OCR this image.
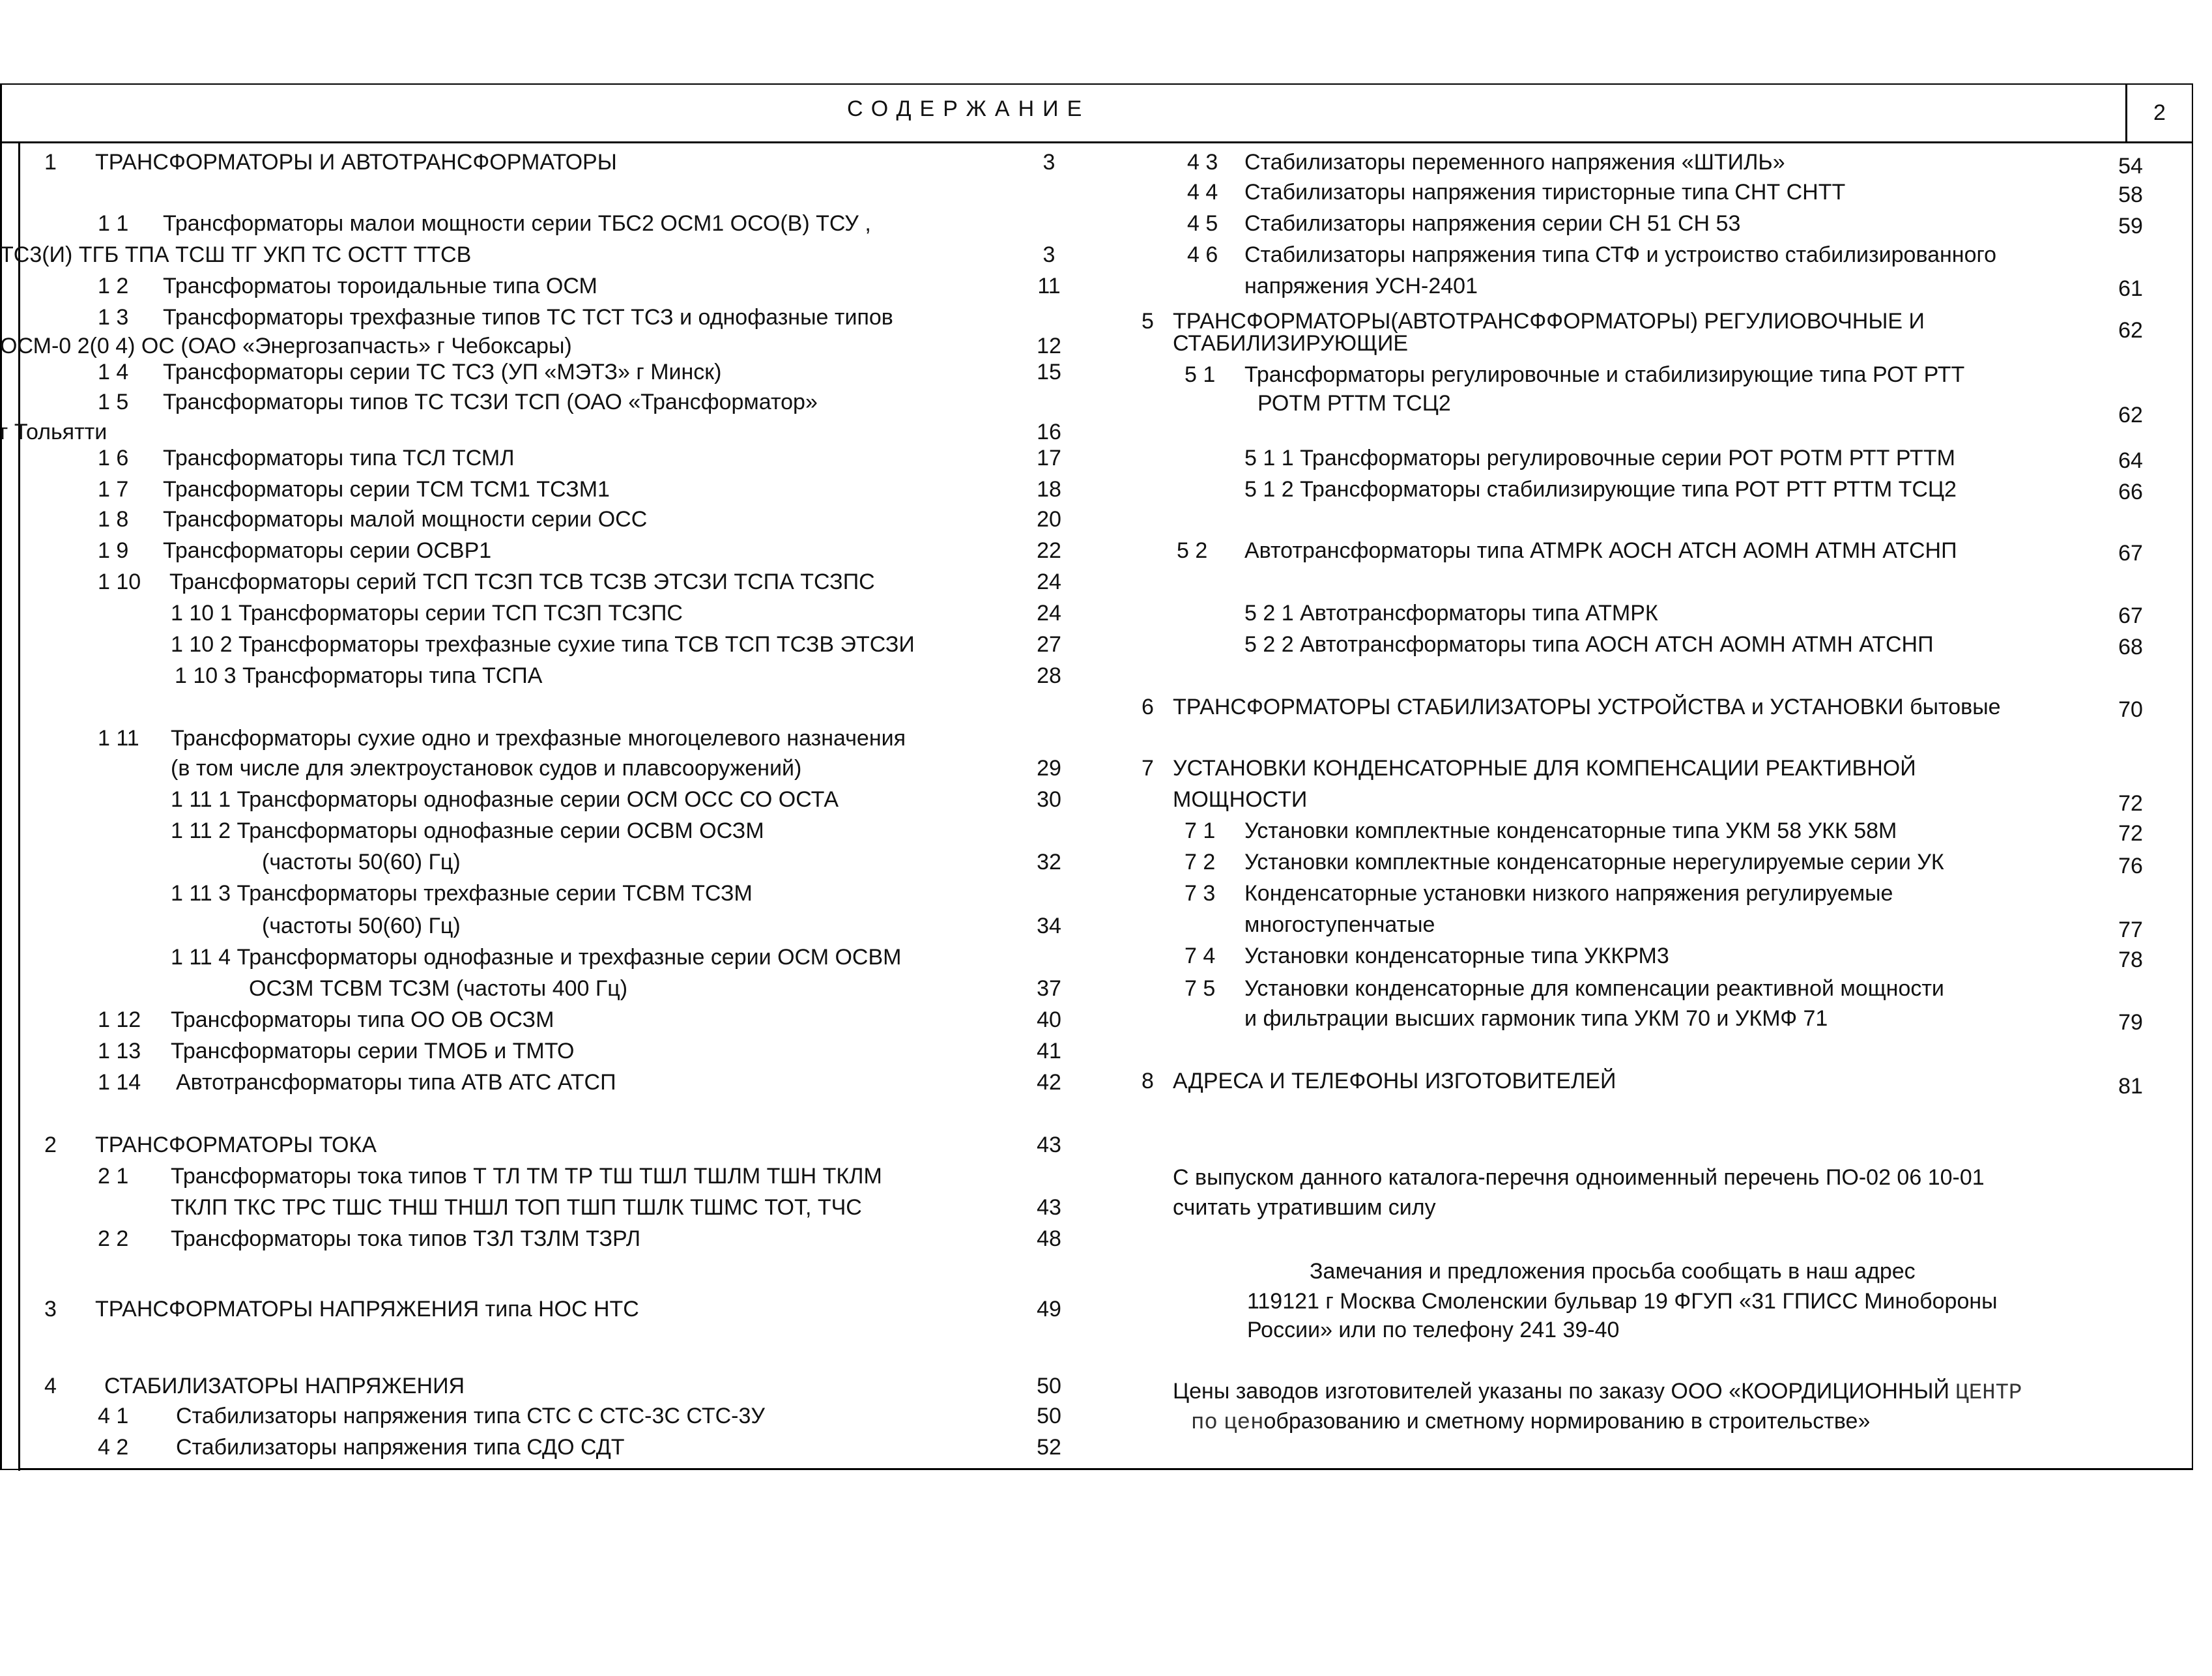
СОДЕРЖАНИЕ	2
1 ТРАНСФОРМАТОРЫ И АВТОТРАНСФОРМАТОРЫ	3
1 1 Трансформаторы малои мощности серии ТБС2 ОСМ1 ОСО(В) ТСУ ,
ТС3(И) ТГБ ТПА ТСШ ТГ УКП ТС ОСТТ ТТСВ	3
1 2 Трансформатоы тороидальные типа ОСМ	11
1 3 Трансформаторы трехфазные типов ТС ТСТ ТСЗ и однофазные типов
ОСМ-0 2(0 4) ОС (ОАО «Энергозапчасть» г Чебоксары)	12
1 4 Трансформаторы серии ТС ТСЗ (УП «МЭТЗ» г Минск)	15
1 5 Трансформаторы типов ТС ТСЗИ ТСП (ОАО «Трансформатор»
г Тольятти	16
1 6 Трансформаторы типа ТСЛ ТСМЛ	17
1 7 Трансформаторы серии ТСМ ТСМ1 ТСЗМ1	18
1 8 Трансформаторы малой мощности серии ОСС	20
1 9 Трансформаторы серии ОСВР1	22
1 10 Трансформаторы серий ТСП ТСЗП ТСВ ТСЗВ ЭТСЗИ ТСПА ТСЗПС	24
1 10 1 Трансформаторы серии ТСП ТСЗП ТСЗПС	24
1 10 2 Трансформаторы трехфазные сухие типа ТСВ ТСП ТСЗВ ЭТСЗИ	27
1 10 3 Трансформаторы типа ТСПА	28
1 11 Трансформаторы сухие одно и трехфазные многоцелевого назначения
(в том числе для электроустановок судов и плавсооружений)	29
1 11 1 Трансформаторы однофазные серии ОСМ ОСС СО ОСТА	30
1 11 2 Трансформаторы однофазные серии ОСВМ ОСЗМ
(частоты 50(60) Гц)	32
1 11 3 Трансформаторы трехфазные серии ТСВМ ТСЗМ
(частоты 50(60) Гц)	34
1 11 4 Трансформаторы однофазные и трехфазные серии ОСМ ОСВМ
ОСЗМ ТСВМ ТСЗМ (частоты 400 Гц)	37
1 12 Трансформаторы типа ОО ОВ ОСЗМ	40
1 13 Трансформаторы серии ТМОБ и ТМТО	41
1 14 Автотрансформаторы типа АТВ АТС АТСП	42
2 ТРАНСФОРМАТОРЫ ТОКА	43
2 1 Трансформаторы тока типов Т ТЛ ТМ ТР ТШ ТШЛ ТШЛМ ТШН ТКЛМ
ТКЛП ТКС ТРС ТШС ТНШ ТНШЛ ТОП ТШП ТШЛК ТШМС ТОТ, ТЧС	43
2 2 Трансформаторы тока типов ТЗЛ ТЗЛМ ТЗРЛ	48
3 ТРАНСФОРМАТОРЫ НАПРЯЖЕНИЯ типа НОС НТС	49
4 СТАБИЛИЗАТОРЫ НАПРЯЖЕНИЯ	50
4 1 Стабилизаторы напряжения типа СТС С СТС-3С СТС-3У	50
4 2 Стабилизаторы напряжения типа СДО СДТ	52
4 3 Стабилизаторы переменного напряжения «ШТИЛЬ»	54
4 4 Стабилизаторы напряжения тиристорные типа СНТ СНТТ	58
4 5 Стабилизаторы напряжения серии СН 51 СН 53	59
4 6 Стабилизаторы напряжения типа СТФ и устроиство стабилизированного
напряжения УСН-2401	61
5 ТРАНСФОРМАТОРЫ(АВТОТРАНСФФОРМАТОРЫ) РЕГУЛИОВОЧНЫЕ И	62
СТАБИЛИЗИРУЮЩИЕ
5 1 Трансформаторы регулировочные и стабилизирующие типа РОТ РТТ
РОТМ РТТМ ТСЦ2	62
5 1 1 Трансформаторы регулировочные серии РОТ РОТМ РТТ РТТМ	64
5 1 2 Трансформаторы стабилизирующие типа РОТ РТТ РТТМ ТСЦ2	66
5 2 Автотрансформаторы типа АТМРК АОСН АТСН АОМН АТМН АТСНП	67
5 2 1 Автотрансформаторы типа АТМРК	67
5 2 2 Автотрансформаторы типа АОСН АТСН АОМН АТМН АТСНП	68
6 ТРАНСФОРМАТОРЫ СТАБИЛИЗАТОРЫ УСТРОЙСТВА и УСТАНОВКИ бытовые	70
7 УСТАНОВКИ КОНДЕНСАТОРНЫЕ ДЛЯ КОМПЕНСАЦИИ РЕАКТИВНОЙ
МОЩНОСТИ	72
7 1 Установки комплектные конденсаторные типа УКМ 58 УКК 58М	72
7 2 Установки комплектные конденсаторные нерегулируемые серии УК	76
7 3 Конденсаторные установки низкого напряжения регулируемые
многоступенчатые	77
7 4 Установки конденсаторные типа УККРМ3	78
7 5 Установки конденсаторные для компенсации реактивной мощности
и фильтрации высших гармоник типа УКМ 70 и УКМФ 71	79
8 АДРЕСА И ТЕЛЕФОНЫ ИЗГОТОВИТЕЛЕЙ	81
С выпуском данного каталога-перечня одноименный перечень ПО-02 06 10-01
считать утратившим силу
Замечания и предложения просьба сообщать в наш адрес
119121 г Москва Смоленскии бульвар 19 ФГУП «31 ГПИСС Минобороны
России» или по телефону 241 39-40
Цены заводов изготовителей указаны по заказу ООО «КООРДИЦИОННЫЙ ЦЕНТР
по ценобразованию и сметному нормированию в строительстве»
